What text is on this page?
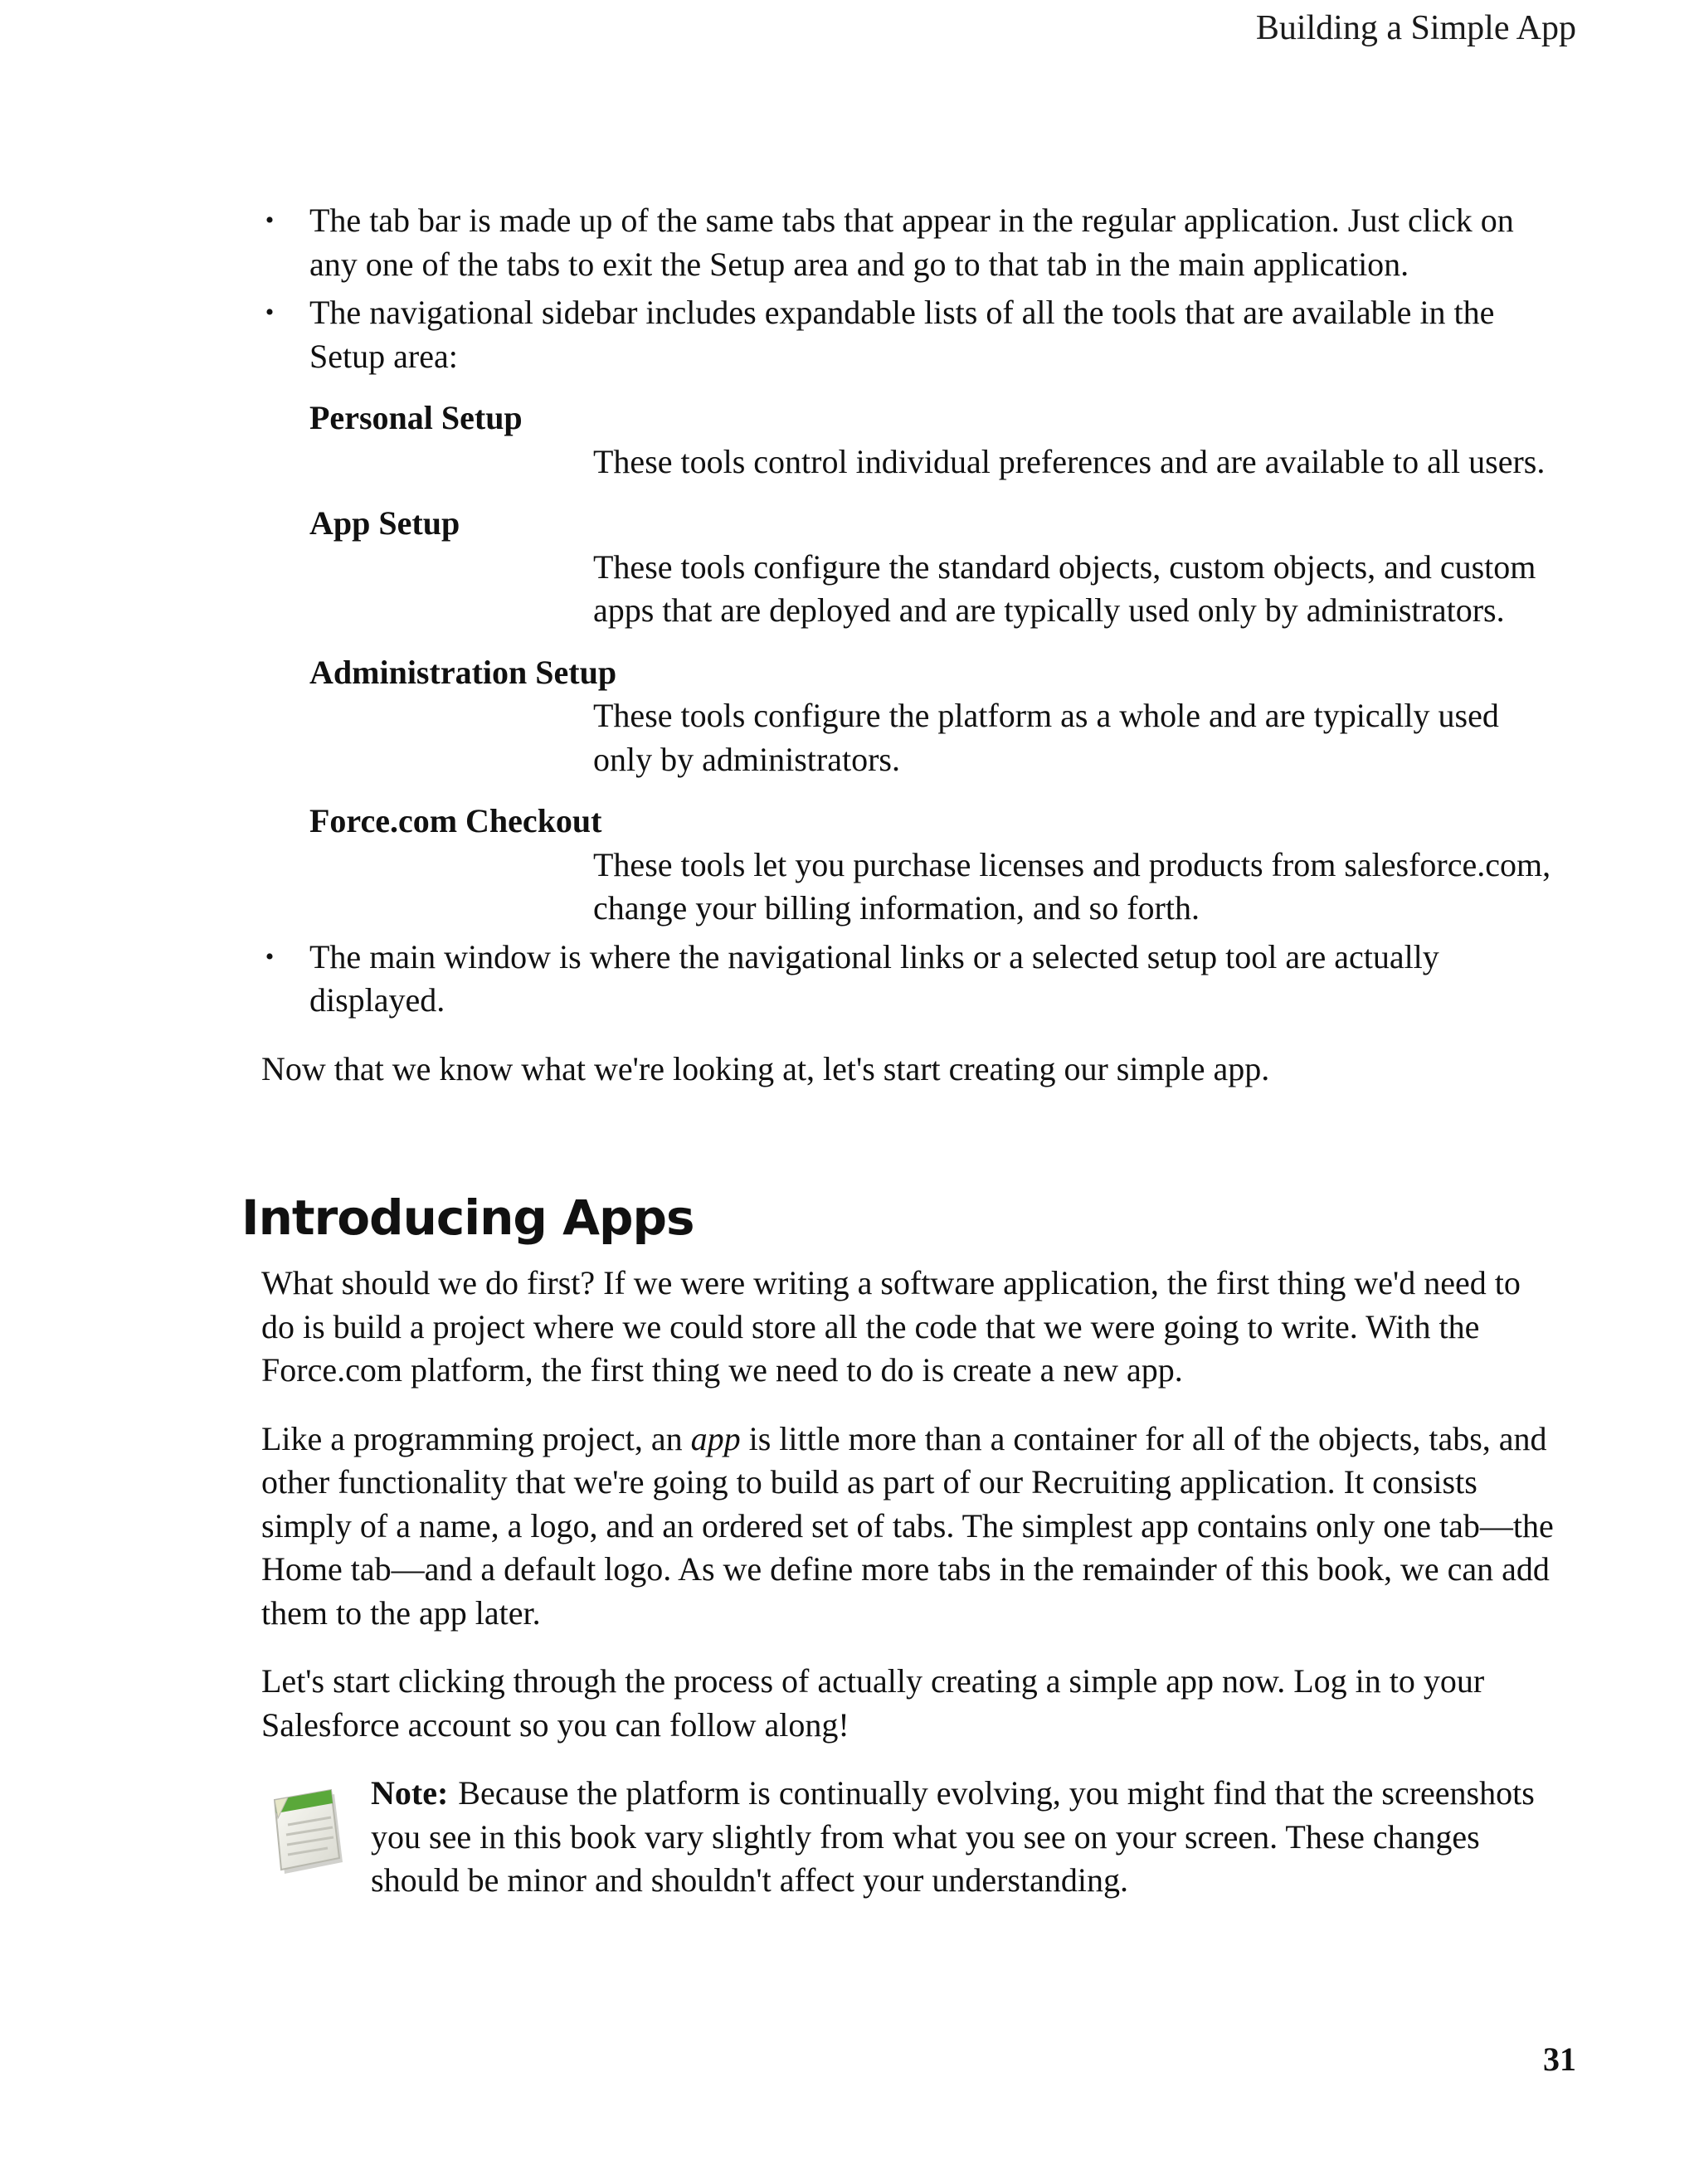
Building a Simple App
• The tab bar is made up of the same tabs that appear in the regular application. Just click on any one of the tabs to exit the Setup area and go to that tab in the main application.
• The navigational sidebar includes expandable lists of all the tools that are available in the Setup area:
Personal Setup
These tools control individual preferences and are available to all users.
App Setup
These tools configure the standard objects, custom objects, and custom apps that are deployed and are typically used only by administrators.
Administration Setup
These tools configure the platform as a whole and are typically used only by administrators.
Force.com Checkout
These tools let you purchase licenses and products from salesforce.com, change your billing information, and so forth.
• The main window is where the navigational links or a selected setup tool are actually displayed.

Now that we know what we're looking at, let's start creating our simple app.

Introducing Apps

What should we do first? If we were writing a software application, the first thing we'd need to do is build a project where we could store all the code that we were going to write. With the Force.com platform, the first thing we need to do is create a new app.

Like a programming project, an app is little more than a container for all of the objects, tabs, and other functionality that we're going to build as part of our Recruiting application. It consists simply of a name, a logo, and an ordered set of tabs. The simplest app contains only one tab—the Home tab—and a default logo. As we define more tabs in the remainder of this book, we can add them to the app later.

Let's start clicking through the process of actually creating a simple app now. Log in to your Salesforce account so you can follow along!

Note: Because the platform is continually evolving, you might find that the screenshots you see in this book vary slightly from what you see on your screen. These changes should be minor and shouldn't affect your understanding.
31
